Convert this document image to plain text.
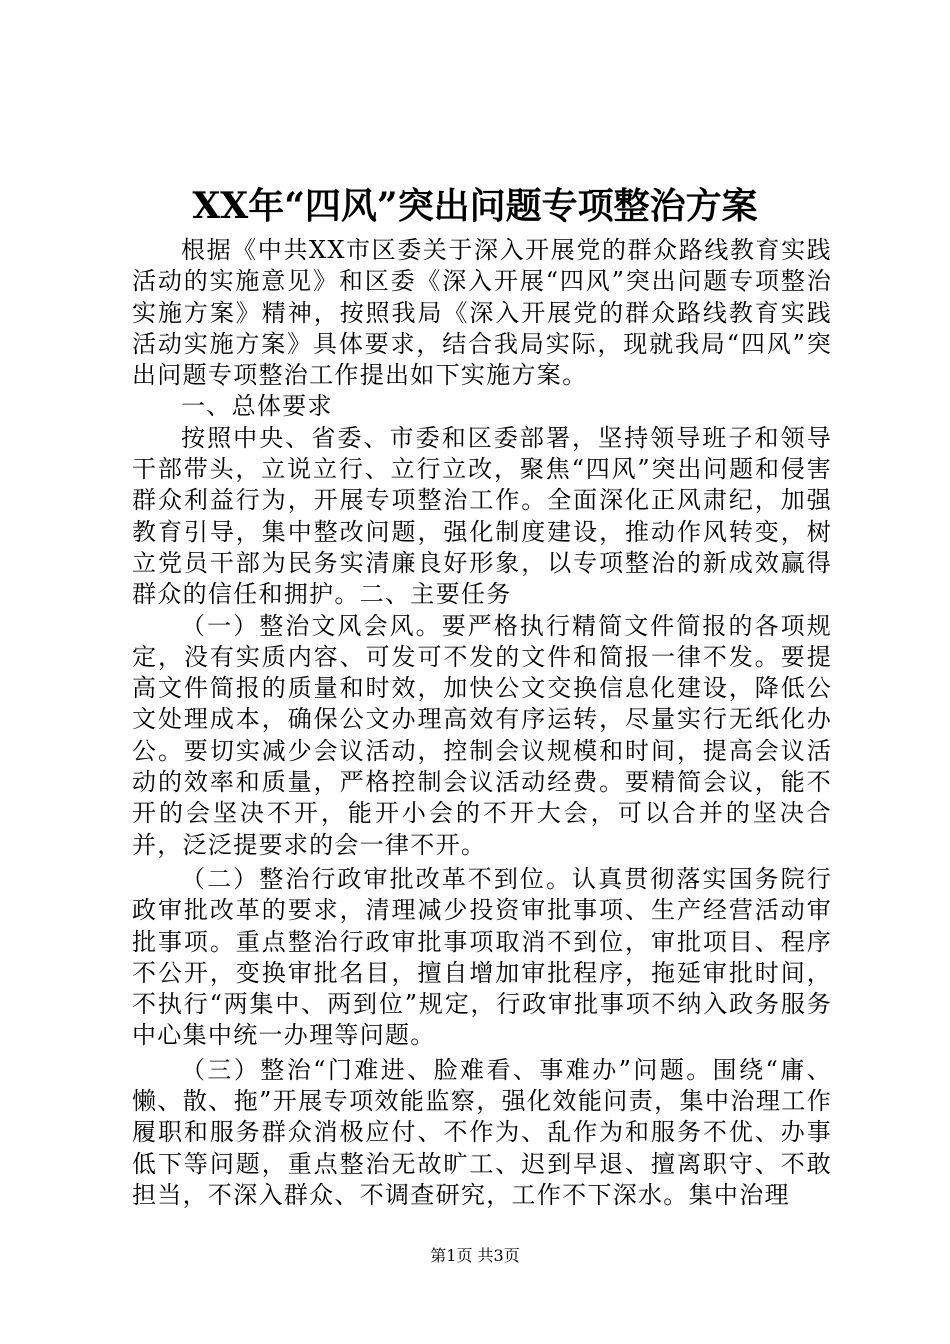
XX年“四风”突出问题专项整治方案

根据《中共XX市区委关于深入开展党的群众路线教育实践活动的实施意见》和区委《深入开展“四风”突出问题专项整治实施方案》精神，按照我局《深入开展党的群众路线教育实践活动实施方案》具体要求，结合我局实际，现就我局“四风”突出问题专项整治工作提出如下实施方案。

一、总体要求

按照中央、省委、市委和区委部署，坚持领导班子和领导干部带头，立说立行、立行立改，聚焦“四风”突出问题和侵害群众利益行为，开展专项整治工作。全面深化正风肃纪，加强教育引导，集中整改问题，强化制度建设，推动作风转变，树立党员干部为民务实清廉良好形象，以专项整治的新成效赢得群众的信任和拥护。二、主要任务

（一）整治文风会风。要严格执行精简文件简报的各项规定，没有实质内容、可发可不发的文件和简报一律不发。要提高文件简报的质量和时效，加快公文交换信息化建设，降低公文处理成本，确保公文办理高效有序运转，尽量实行无纸化办公。要切实减少会议活动，控制会议规模和时间，提高会议活动的效率和质量，严格控制会议活动经费。要精简会议，能不开的会坚决不开，能开小会的不开大会，可以合并的坚决合并，泛泛提要求的会一律不开。

（二）整治行政审批改革不到位。认真贯彻落实国务院行政审批改革的要求，清理减少投资审批事项、生产经营活动审批事项。重点整治行政审批事项取消不到位，审批项目、程序不公开，变换审批名目，擅自增加审批程序，拖延审批时间，不执行“两集中、两到位”规定，行政审批事项不纳入政务服务中心集中统一办理等问题。

（三）整治“门难进、脸难看、事难办”问题。围绕“庸、懒、散、拖”开展专项效能监察，强化效能问责，集中治理工作履职和服务群众消极应付、不作为、乱作为和服务不优、办事低下等问题，重点整治无故旷工、迟到早退、擅离职守、不敢担当，不深入群众、不调查研究，工作不下深水。集中治理

第1页 共3页
